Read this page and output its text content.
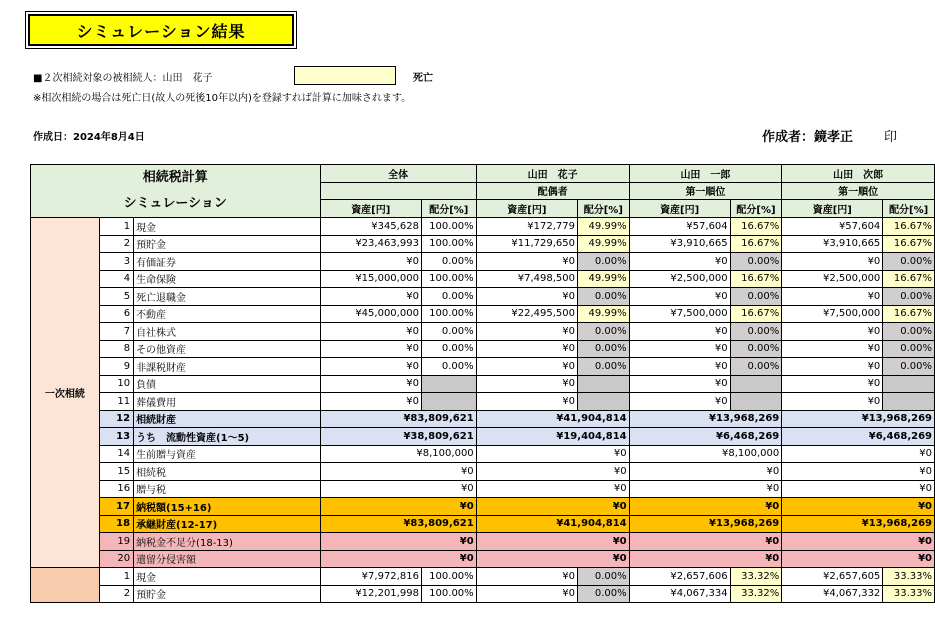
シミュレーション結果
■２次相続対象の被相続人：山田　花子	死亡
※相次相続の場合は死亡日(故人の死後10年以内)を登録すれば計算に加味されます。
作成日：2024年8月4日	作成者：鏡孝正 印
相続税計算
シミュレーション			全体		山田　花子		山田　一郎		山田　次郎	
					配偶者		第一順位		第一順位	
			資産[円]	配分[%]	資産[円]	配分[%]	資産[円]	配分[%]	資産[円]	配分[%]
一次相続	1	現金	¥345,628	100.00%	¥172,779	49.99%	¥57,604	16.67%	¥57,604	16.67%
	2	預貯金	¥23,463,993	100.00%	¥11,729,650	49.99%	¥3,910,665	16.67%	¥3,910,665	16.67%
	3	有価証券	¥0	0.00%	¥0	0.00%	¥0	0.00%	¥0	0.00%
	4	生命保険	¥15,000,000	100.00%	¥7,498,500	49.99%	¥2,500,000	16.67%	¥2,500,000	16.67%
	5	死亡退職金	¥0	0.00%	¥0	0.00%	¥0	0.00%	¥0	0.00%
	6	不動産	¥45,000,000	100.00%	¥22,495,500	49.99%	¥7,500,000	16.67%	¥7,500,000	16.67%
	7	自社株式	¥0	0.00%	¥0	0.00%	¥0	0.00%	¥0	0.00%
	8	その他資産	¥0	0.00%	¥0	0.00%	¥0	0.00%	¥0	0.00%
	9	非課税財産	¥0	0.00%	¥0	0.00%	¥0	0.00%	¥0	0.00%
	10	負債	¥0		¥0		¥0		¥0	
	11	葬儀費用	¥0		¥0		¥0		¥0	
	12	相続財産	¥83,809,621		¥41,904,814		¥13,968,269		¥13,968,269	
	13	うち　流動性資産(1～5)	¥38,809,621		¥19,404,814		¥6,468,269		¥6,468,269	
	14	生前贈与資産	¥8,100,000		¥0		¥8,100,000		¥0	
	15	相続税	¥0		¥0		¥0		¥0	
	16	贈与税	¥0		¥0		¥0		¥0	
	17	納税額(15+16)	¥0		¥0		¥0		¥0	
	18	承継財産(12-17)	¥83,809,621		¥41,904,814		¥13,968,269		¥13,968,269	
	19	納税金不足分(18-13)	¥0		¥0		¥0		¥0	
	20	遺留分侵害額	¥0		¥0		¥0		¥0	
	1	現金	¥7,972,816	100.00%	¥0	0.00%	¥2,657,606	33.32%	¥2,657,605	33.33%
	2	預貯金	¥12,201,998	100.00%	¥0	0.00%	¥4,067,334	33.32%	¥4,067,332	33.33%
